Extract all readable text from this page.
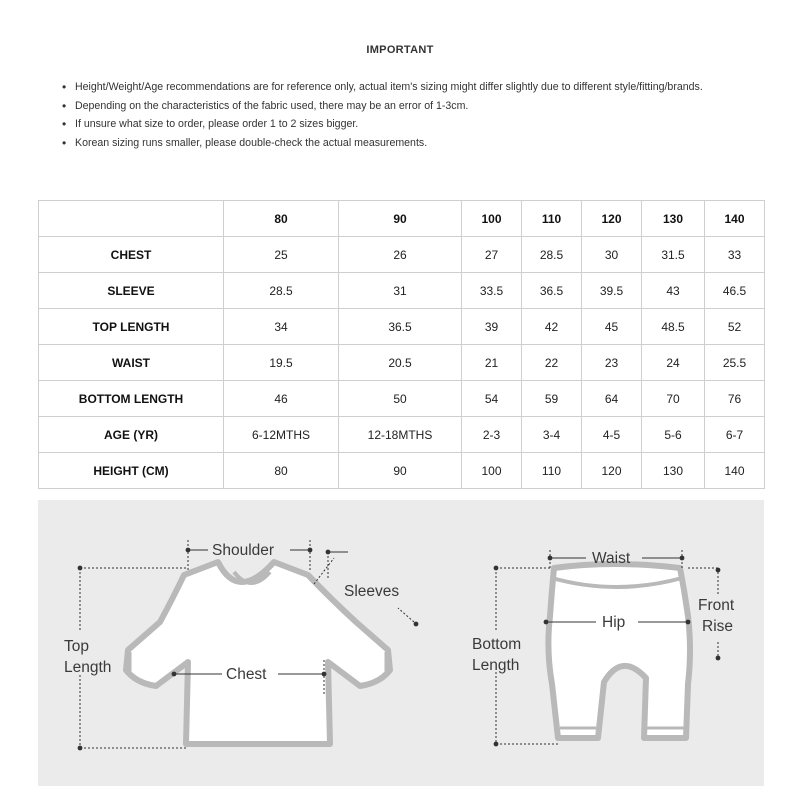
IMPORTANT
• Height/Weight/Age recommendations are for reference only, actual item's sizing might differ slightly due to different style/fitting/brands.
• Depending on the characteristics of the fabric used, there may be an error of 1-3cm.
• If unsure what size to order, please order 1 to 2 sizes bigger.
• Korean sizing runs smaller, please double-check the actual measurements.
	80	90	100	110	120	130	140
CHEST	25	26	27	28.5	30	31.5	33
SLEEVE	28.5	31	33.5	36.5	39.5	43	46.5
TOP LENGTH	34	36.5	39	42	45	48.5	52
WAIST	19.5	20.5	21	22	23	24	25.5
BOTTOM LENGTH	46	50	54	59	64	70	76
AGE (YR)	6-12MTHS	12-18MTHS	2-3	3-4	4-5	5-6	6-7
HEIGHT (CM)	80	90	100	110	120	130	140
Shoulder
Sleeves
Top
Length	Chest
Waist
Hip
Front
Rise
Bottom
Length
